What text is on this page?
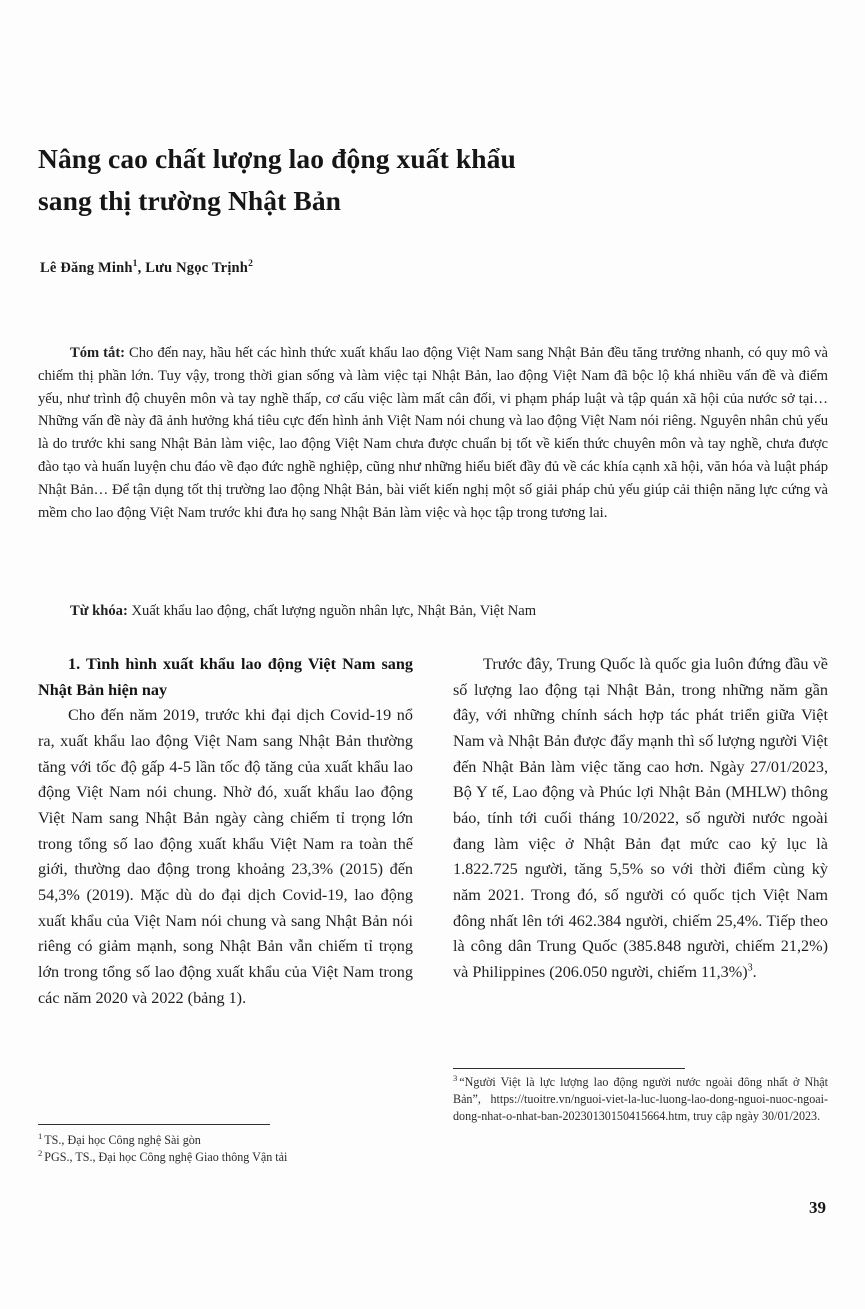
Nâng cao chất lượng lao động xuất khẩu
sang thị trường Nhật Bản
Lê Đăng Minh$^1$, Lưu Ngọc Trịnh$^2$

Tóm tắt: Cho đến nay, hầu hết các hình thức xuất khẩu lao động Việt Nam sang Nhật Bản đều tăng trưởng nhanh, có quy mô và chiếm thị phần lớn. Tuy vậy, trong thời gian sống và làm việc tại Nhật Bản, lao động Việt Nam đã bộc lộ khá nhiều vấn đề và điểm yếu, như trình độ chuyên môn và tay nghề thấp, cơ cấu việc làm mất cân đối, vi phạm pháp luật và tập quán xã hội của nước sở tại… Những vấn đề này đã ảnh hưởng khá tiêu cực đến hình ảnh Việt Nam nói chung và lao động Việt Nam nói riêng. Nguyên nhân chủ yếu là do trước khi sang Nhật Bản làm việc, lao động Việt Nam chưa được chuẩn bị tốt về kiến thức chuyên môn và tay nghề, chưa được đào tạo và huấn luyện chu đáo về đạo đức nghề nghiệp, cũng như những hiểu biết đầy đủ về các khía cạnh xã hội, văn hóa và luật pháp Nhật Bản… Để tận dụng tốt thị trường lao động Nhật Bản, bài viết kiến nghị một số giải pháp chủ yếu giúp cải thiện năng lực cứng và mềm cho lao động Việt Nam trước khi đưa họ sang Nhật Bản làm việc và học tập trong tương lai.

Từ khóa: Xuất khẩu lao động, chất lượng nguồn nhân lực, Nhật Bản, Việt Nam

1. Tình hình xuất khẩu lao động Việt Nam sang Nhật Bản hiện nay

Cho đến năm 2019, trước khi đại dịch Covid-19 nổ ra, xuất khẩu lao động Việt Nam sang Nhật Bản thường tăng với tốc độ gấp 4-5 lần tốc độ tăng của xuất khẩu lao động Việt Nam nói chung. Nhờ đó, xuất khẩu lao động Việt Nam sang Nhật Bản ngày càng chiếm tỉ trọng lớn trong tổng số lao động xuất khẩu Việt Nam ra toàn thế giới, thường dao động trong khoảng 23,3% (2015) đến 54,3% (2019). Mặc dù do đại dịch Covid-19, lao động xuất khẩu của Việt Nam nói chung và sang Nhật Bản nói riêng có giảm mạnh, song Nhật Bản vẫn chiếm tỉ trọng lớn trong tổng số lao động xuất khẩu của Việt Nam trong các năm 2020 và 2022 (bảng 1).

Trước đây, Trung Quốc là quốc gia luôn đứng đầu về số lượng lao động tại Nhật Bản, trong những năm gần đây, với những chính sách hợp tác phát triển giữa Việt Nam và Nhật Bản được đẩy mạnh thì số lượng người Việt đến Nhật Bản làm việc tăng cao hơn. Ngày 27/01/2023, Bộ Y tế, Lao động và Phúc lợi Nhật Bản (MHLW) thông báo, tính tới cuối tháng 10/2022, số người nước ngoài đang làm việc ở Nhật Bản đạt mức cao kỷ lục là 1.822.725 người, tăng 5,5% so với thời điểm cùng kỳ năm 2021. Trong đó, số người có quốc tịch Việt Nam đông nhất lên tới 462.384 người, chiếm 25,4%. Tiếp theo là công dân Trung Quốc (385.848 người, chiếm 21,2%) và Philippines (206.050 người, chiếm 11,3%)$^3$.

$^3$ “Người Việt là lực lượng lao động người nước ngoài đông nhất ở Nhật Bản”, https://tuoitre.vn/nguoi-viet-la-luc-luong-lao-dong-nguoi-nuoc-ngoai-dong-nhat-o-nhat-ban-20230130150415664.htm, truy cập ngày 30/01/2023.

$^1$ TS., Đại học Công nghệ Sài gòn

$^2$ PGS., TS., Đại học Công nghệ Giao thông Vận tải

39
